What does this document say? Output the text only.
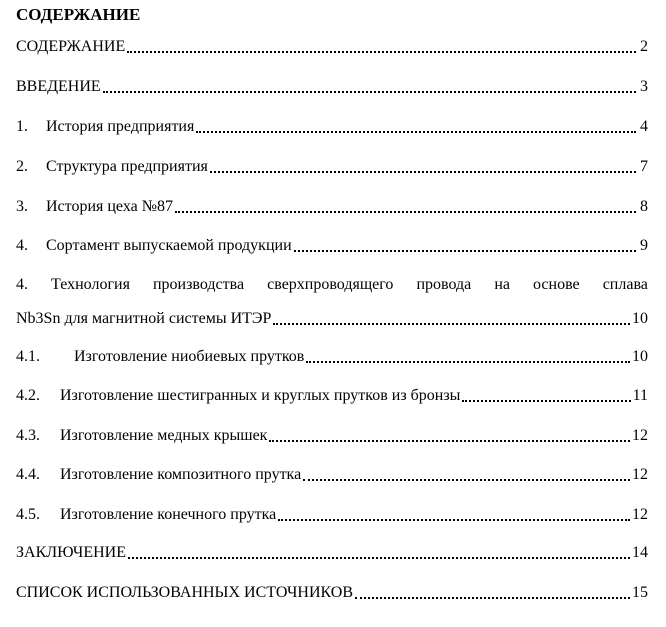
СОДЕРЖАНИЕ
СОДЕРЖАНИЕ	2
ВВЕДЕНИЕ	3
1. История предприятия	4
2. Структура предприятия	7
3. История цеха №87	8
4. Сортамент выпускаемой продукции	9
4. Технология производства сверхпроводящего провода на основе сплава
Nb3Sn для магнитной системы ИТЭР	10
4.1. Изготовление ниобиевых прутков	10
4.2. Изготовление шестигранных и круглых прутков из бронзы	11
4.3. Изготовление медных крышек	12
4.4. Изготовление композитного прутка	12
4.5. Изготовление конечного прутка	12
ЗАКЛЮЧЕНИЕ	14
СПИСОК ИСПОЛЬЗОВАННЫХ ИСТОЧНИКОВ	15
